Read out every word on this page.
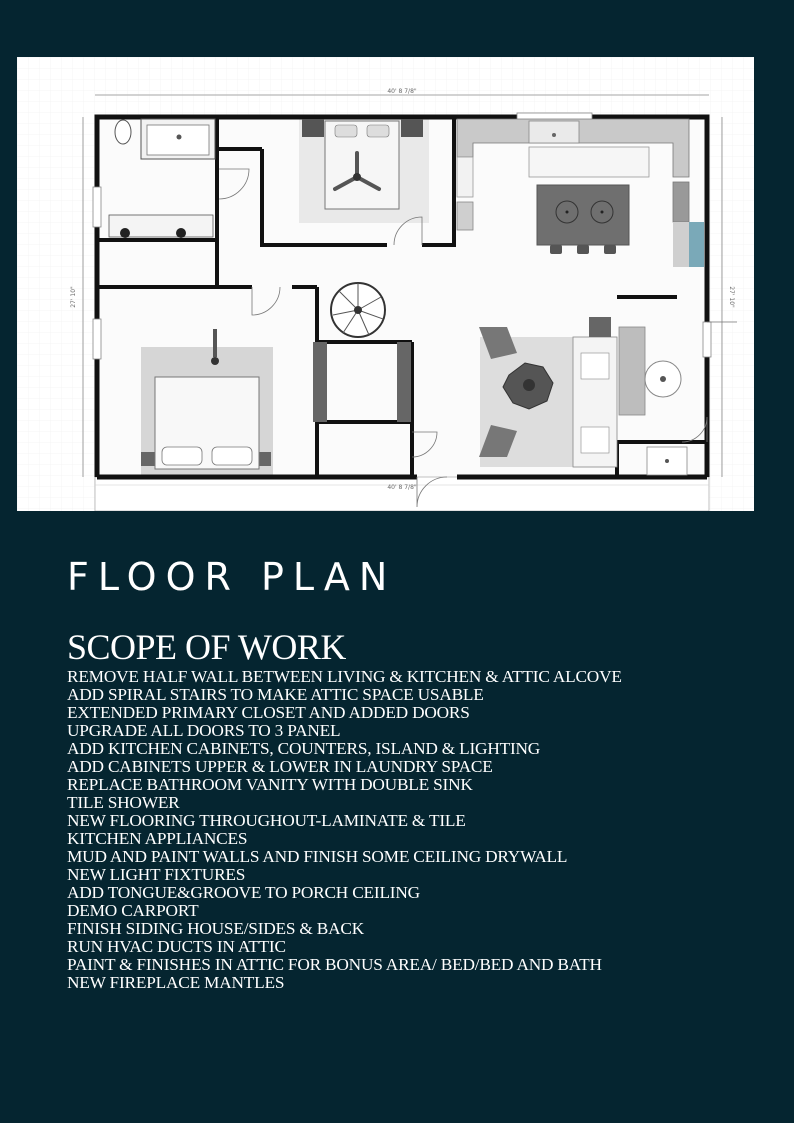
40' 8 7/8"
27' 10"	27' 10"
40' 8 7/8"
FLOOR PLAN
SCOPE OF WORK
REMOVE HALF WALL BETWEEN LIVING & KITCHEN & ATTIC ALCOVE
ADD SPIRAL STAIRS TO MAKE ATTIC SPACE USABLE
EXTENDED PRIMARY CLOSET AND ADDED DOORS
UPGRADE ALL DOORS TO 3 PANEL
ADD KITCHEN CABINETS, COUNTERS, ISLAND & LIGHTING
ADD CABINETS UPPER & LOWER IN LAUNDRY SPACE
REPLACE BATHROOM VANITY WITH DOUBLE SINK
TILE SHOWER
NEW FLOORING THROUGHOUT-LAMINATE & TILE
KITCHEN APPLIANCES
MUD AND PAINT WALLS AND FINISH SOME CEILING DRYWALL
NEW LIGHT FIXTURES
ADD TONGUE&GROOVE TO PORCH CEILING
DEMO CARPORT
FINISH SIDING HOUSE/SIDES & BACK
RUN HVAC DUCTS IN ATTIC
PAINT & FINISHES IN ATTIC FOR BONUS AREA/ BED/BED AND BATH
NEW FIREPLACE MANTLES
